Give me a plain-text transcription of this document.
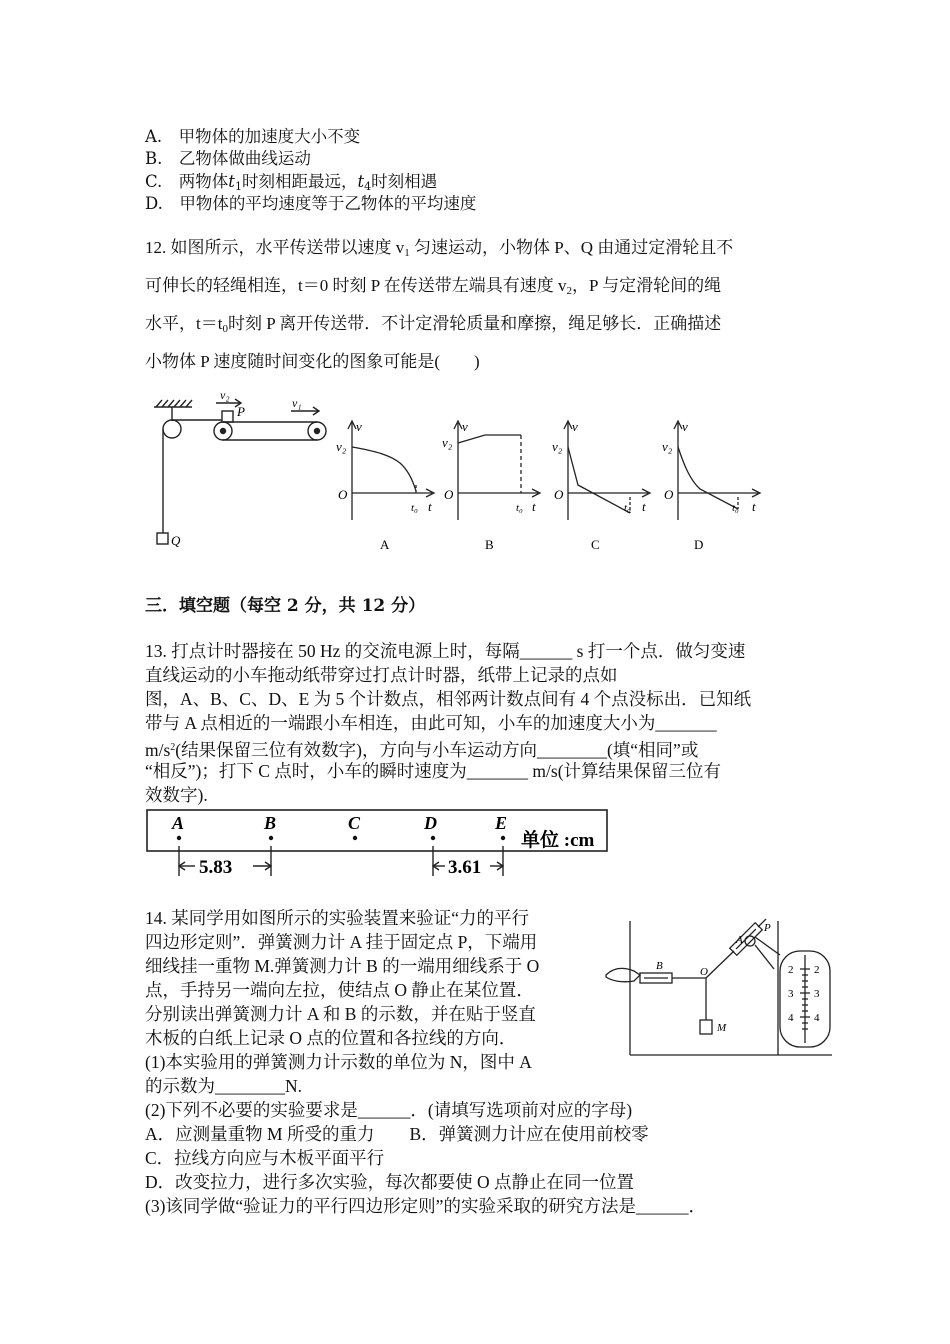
A.　甲物体的加速度大小不变
B.　乙物体做曲线运动
C.　两物体$t_1$时刻相距最远，$t_4$时刻相遇
D.　甲物体的平均速度等于乙物体的平均速度
12. 如图所示，水平传送带以速度 $v_1$ 匀速运动，小物体 P、Q 由通过定滑轮且不
可伸长的轻绳相连，t＝0 时刻 P 在传送带左端具有速度 $v_2$，P 与定滑轮间的绳
水平，$t=t_0$时刻 P 离开传送带．不计定滑轮质量和摩擦，绳足够长．正确描述
小物体 P 速度随时间变化的图象可能是(　　)
v₂
v₁
P
Q
v
v₂
O
t₀ t
v
v₂
O
t₀ t
v
v₂
O
t₀ t
v
v₂
O
t₀ t
A	B	C	D
三．填空题（每空 2 分，共 12 分）
13. 打点计时器接在 50 Hz 的交流电源上时，每隔______ s 打一个点．做匀变速
直线运动的小车拖动纸带穿过打点计时器，纸带上记录的点如
图，A、B、C、D、E 为 5 个计数点，相邻两计数点间有 4 个点没标出．已知纸
带与 A 点相近的一端跟小车相连，由此可知，小车的加速度大小为_______
$m/s^2$(结果保留三位有效数字)，方向与小车运动方向________(填“相同”或
“相反”)；打下 C 点时，小车的瞬时速度为_______ m/s(计算结果保留三位有
效数字).
A	B	C	D	E
单位 :cm
5.83	3.61
14. 某同学用如图所示的实验装置来验证“力的平行
四边形定则”．弹簧测力计 A 挂于固定点 P，下端用
细线挂一重物 M.弹簧测力计 B 的一端用细线系于 O
点，手持另一端向左拉，使结点 O 静止在某位置．
分别读出弹簧测力计 A 和 B 的示数，并在贴于竖直
木板的白纸上记录 O 点的位置和各拉线的方向．
(1)本实验用的弹簧测力计示数的单位为 N，图中 A
的示数为________N.
(2)下列不必要的实验要求是______．(请填写选项前对应的字母)
A．应测量重物 M 所受的重力　　B．弹簧测力计应在使用前校零
C．拉线方向应与木板平面平行
D．改变拉力，进行多次实验，每次都要使 O 点静止在同一位置
(3)该同学做“验证力的平行四边形定则”的实验采取的研究方法是______．
B	O
M
A
P
2
3
4
2
3
4
